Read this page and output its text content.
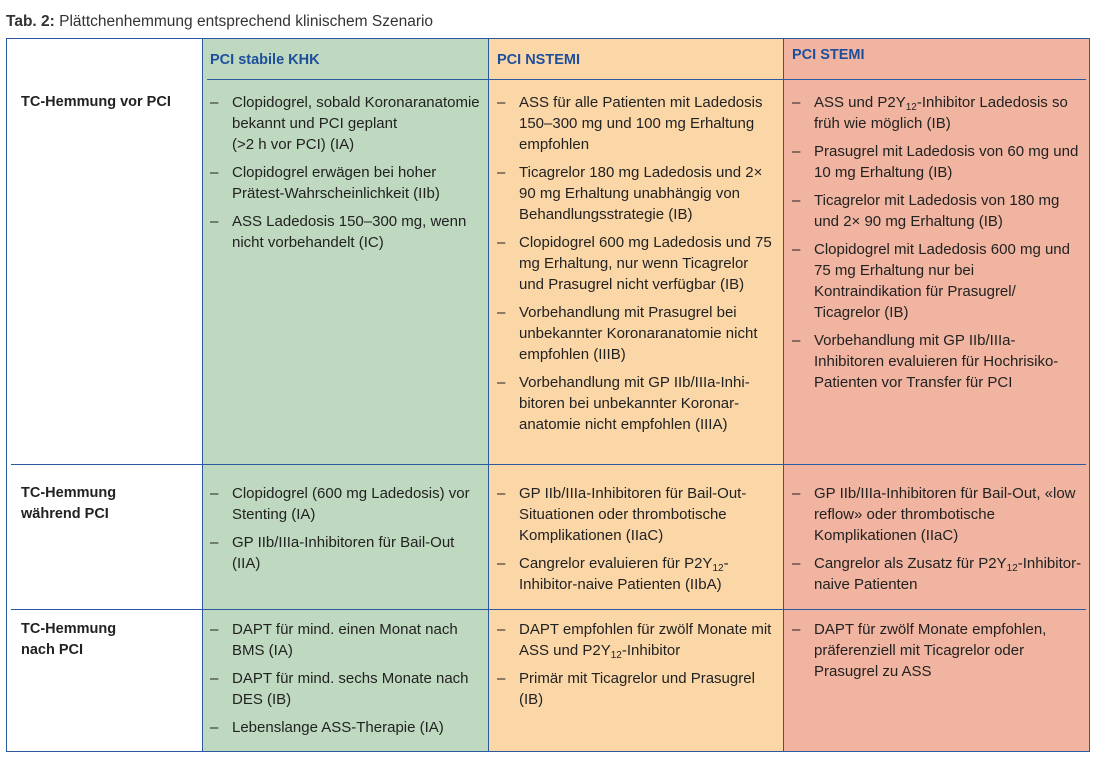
Tab. 2: Plättchenhemmung entsprechend klinischem Szenario
PCI stabile KHK	PCI NSTEMI	PCI STEMI
TC-Hemmung vor PCI
TC-Hemmung
während PCI
TC-Hemmung
nach PCI
– Clopidogrel, sobald Koronaranatomie bekannt und PCI geplant
(>2 h vor PCI) (IA)
– Clopidogrel erwägen bei hoher Prätest-Wahrscheinlichkeit (IIb)
– ASS Ladedosis 150–300 mg, wenn nicht vorbehandelt (IC)
– ASS für alle Patienten mit Ladedosis 150–300 mg und 100 mg Erhaltung empfohlen
– Ticagrelor 180 mg Ladedosis und 2× 90 mg Erhaltung unabhängig von Behandlungsstrategie (IB)
– Clopidogrel 600 mg Ladedosis und 75 mg Erhaltung, nur wenn Ticagrelor und Prasugrel nicht verfügbar (IB)
– Vorbehandlung mit Prasugrel bei unbekannter Koronaranatomie nicht empfohlen (IIIB)
– Vorbehandlung mit GP IIb/IIIa-Inhibitoren bei unbekannter Koronaranatomie nicht empfohlen (IIIA)
– ASS und $P2Y_{12}$-Inhibitor Ladedosis so früh wie möglich (IB)
– Prasugrel mit Ladedosis von 60 mg und 10 mg Erhaltung (IB)
– Ticagrelor mit Ladedosis von 180 mg und 2× 90 mg Erhaltung (IB)
– Clopidogrel mit Ladedosis 600 mg und 75 mg Erhaltung nur bei Kontraindikation für Prasugrel/ Ticagrelor (IB)
– Vorbehandlung mit GP IIb/IIIa-Inhibitoren evaluieren für Hochrisiko-Patienten vor Transfer für PCI
– Clopidogrel (600 mg Ladedosis) vor Stenting (IA)
– GP IIb/IIIa-Inhibitoren für Bail-Out (IIA)
– GP IIb/IIIa-Inhibitoren für Bail-Out-Situationen oder thrombotische Komplikationen (IIaC)
– Cangrelor evaluieren für $P2Y_{12}-Inhibitor$-naive Patienten (IIbA)
– GP IIb/IIIa-Inhibitoren für Bail-Out, «low reflow» oder thrombotische Komplikationen (IIaC)
– Cangrelor als Zusatz für $P2Y_{12}-Inhibitor$-naive Patienten
– DAPT für mind. einen Monat nach BMS (IA)
– DAPT für mind. sechs Monate nach DES (IB)
– Lebenslange ASS-Therapie (IA)
– DAPT empfohlen für zwölf Monate mit ASS und $P2Y_{12}$-Inhibitor
– Primär mit Ticagrelor und Prasugrel (IB)
– DAPT für zwölf Monate empfohlen, präferenziell mit Ticagrelor oder Prasugrel zu ASS
